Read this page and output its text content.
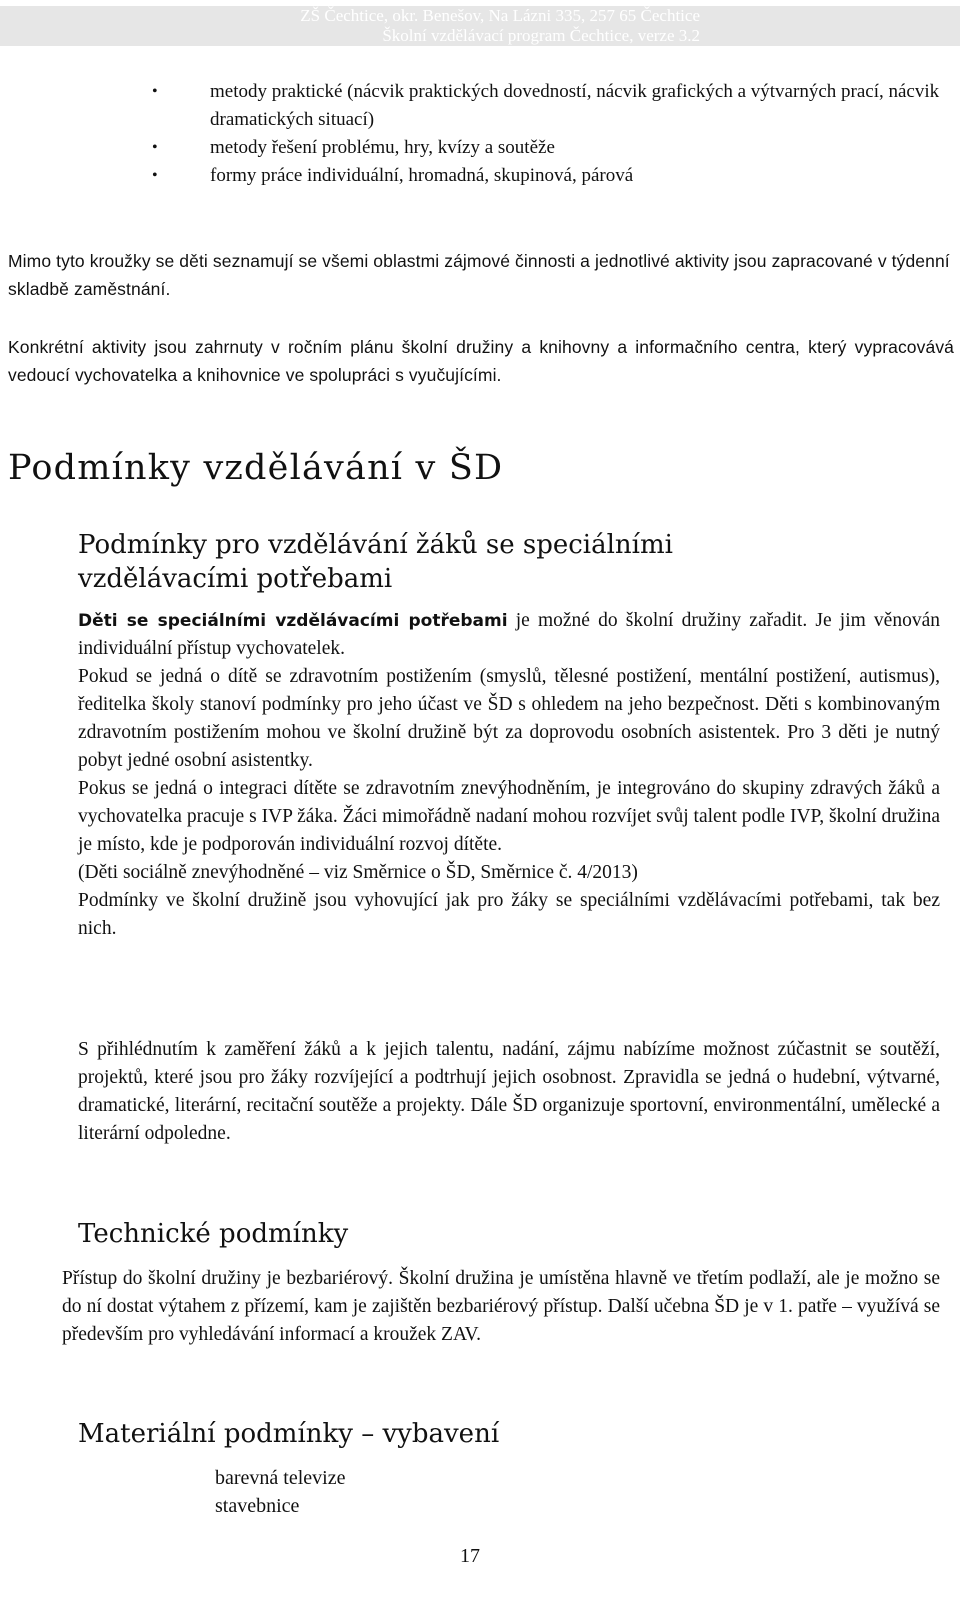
ZŠ Čechtice, okr. Benešov, Na Lázni 335, 257 65 Čechtice
Školní vzdělávací program Čechtice, verze 3.2
•	metody praktické (nácvik praktických dovedností, nácvik grafických a výtvarných prací, nácvik dramatických situací)
•	metody řešení problému, hry, kvízy a soutěže
•	formy práce individuální, hromadná, skupinová, párová
Mimo tyto kroužky se děti seznamují se všemi oblastmi zájmové činnosti a jednotlivé aktivity jsou zapracované v týdenní skladbě zaměstnání.
Konkrétní aktivity jsou zahrnuty v ročním plánu školní družiny a knihovny a informačního centra, který vypracovává vedoucí vychovatelka a knihovnice ve spolupráci s vyučujícími.
Podmínky vzdělávání v ŠD
Podmínky pro vzdělávání žáků se speciálními vzdělávacími potřebami

Děti se speciálními vzdělávacími potřebami je možné do školní družiny zařadit. Je jim věnován individuální přístup vychovatelek.

Pokud se jedná o dítě se zdravotním postižením (smyslů, tělesné postižení, mentální postižení, autismus), ředitelka školy stanoví podmínky pro jeho účast ve ŠD s ohledem na jeho bezpečnost. Děti s kombinovaným zdravotním postižením mohou ve školní družině být za doprovodu osobních asistentek. Pro 3 děti je nutný pobyt jedné osobní asistentky.

Pokus se jedná o integraci dítěte se zdravotním znevýhodněním, je integrováno do skupiny zdravých žáků a vychovatelka pracuje s IVP žáka. Žáci mimořádně nadaní mohou rozvíjet svůj talent podle IVP, školní družina je místo, kde je podporován individuální rozvoj dítěte.

(Děti sociálně znevýhodněné – viz Směrnice o ŠD, Směrnice č. 4/2013)

Podmínky ve školní družině jsou vyhovující jak pro žáky se speciálními vzdělávacími potřebami, tak bez nich.

S přihlédnutím k zaměření žáků a k jejich talentu, nadání, zájmu nabízíme možnost zúčastnit se soutěží, projektů, které jsou pro žáky rozvíjející a podtrhují jejich osobnost. Zpravidla se jedná o hudební, výtvarné, dramatické, literární, recitační soutěže a projekty. Dále ŠD organizuje sportovní, environmentální, umělecké a literární odpoledne.

Technické podmínky

Přístup do školní družiny je bezbariérový. Školní družina je umístěna hlavně ve třetím podlaží, ale je možno se do ní dostat výtahem z přízemí, kam je zajištěn bezbariérový přístup. Další učebna ŠD je v 1. patře – využívá se především pro vyhledávání informací a kroužek ZAV.

Materiální podmínky – vybavení
barevná televize
stavebnice
17
